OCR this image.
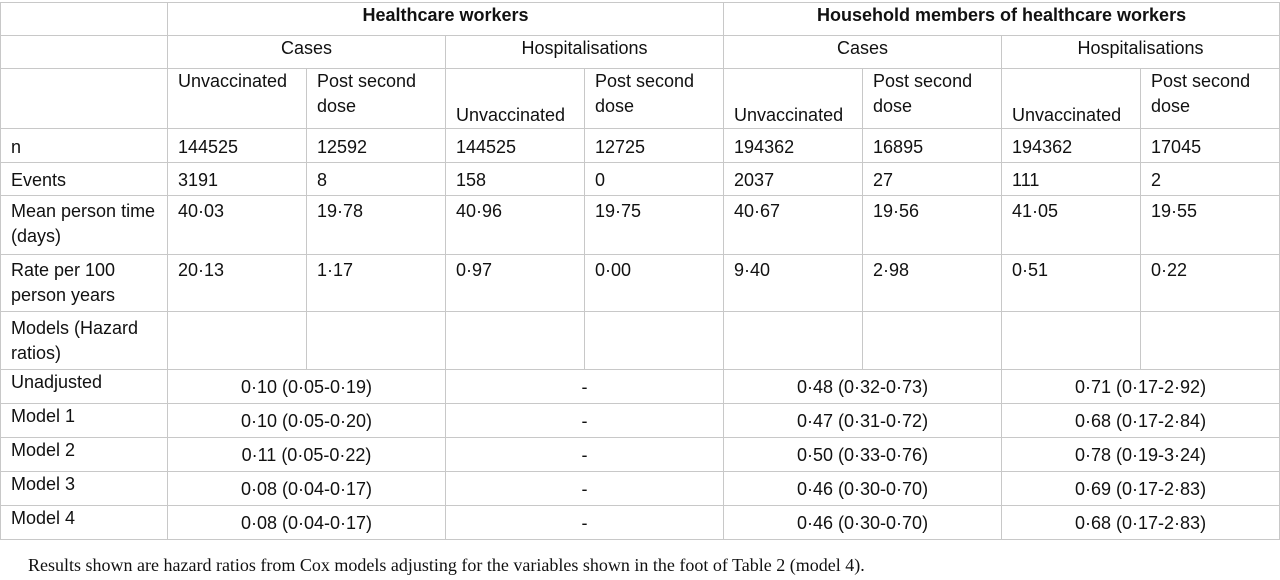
	Healthcare workers				Household members of healthcare workers			
	Cases		Hospitalisations		Cases		Hospitalisations	
	Unvaccinated	Post second dose	Unvaccinated	Post second dose	Unvaccinated	Post second dose	Unvaccinated	Post second dose
n	144525	12592	144525	12725	194362	16895	194362	17045
Events	3191	8	158	0	2037	27	111	2
Mean person time (days)	40·03	19·78	40·96	19·75	40·67	19·56	41·05	19·55
Rate per 100 person years	20·13	1·17	0·97	0·00	9·40	2·98	0·51	0·22
Models (Hazard ratios)								
Unadjusted	0·10 (0·05-0·19)		-		0·48 (0·32-0·73)		0·71 (0·17-2·92)	
Model 1	0·10 (0·05-0·20)		-		0·47 (0·31-0·72)		0·68 (0·17-2·84)	
Model 2	0·11 (0·05-0·22)		-		0·50 (0·33-0·76)		0·78 (0·19-3·24)	
Model 3	0·08 (0·04-0·17)		-		0·46 (0·30-0·70)		0·69 (0·17-2·83)	
Model 4	0·08 (0·04-0·17)		-		0·46 (0·30-0·70)		0·68 (0·17-2·83)	
Results shown are hazard ratios from Cox models adjusting for the variables shown in the foot of Table 2 (model 4).
